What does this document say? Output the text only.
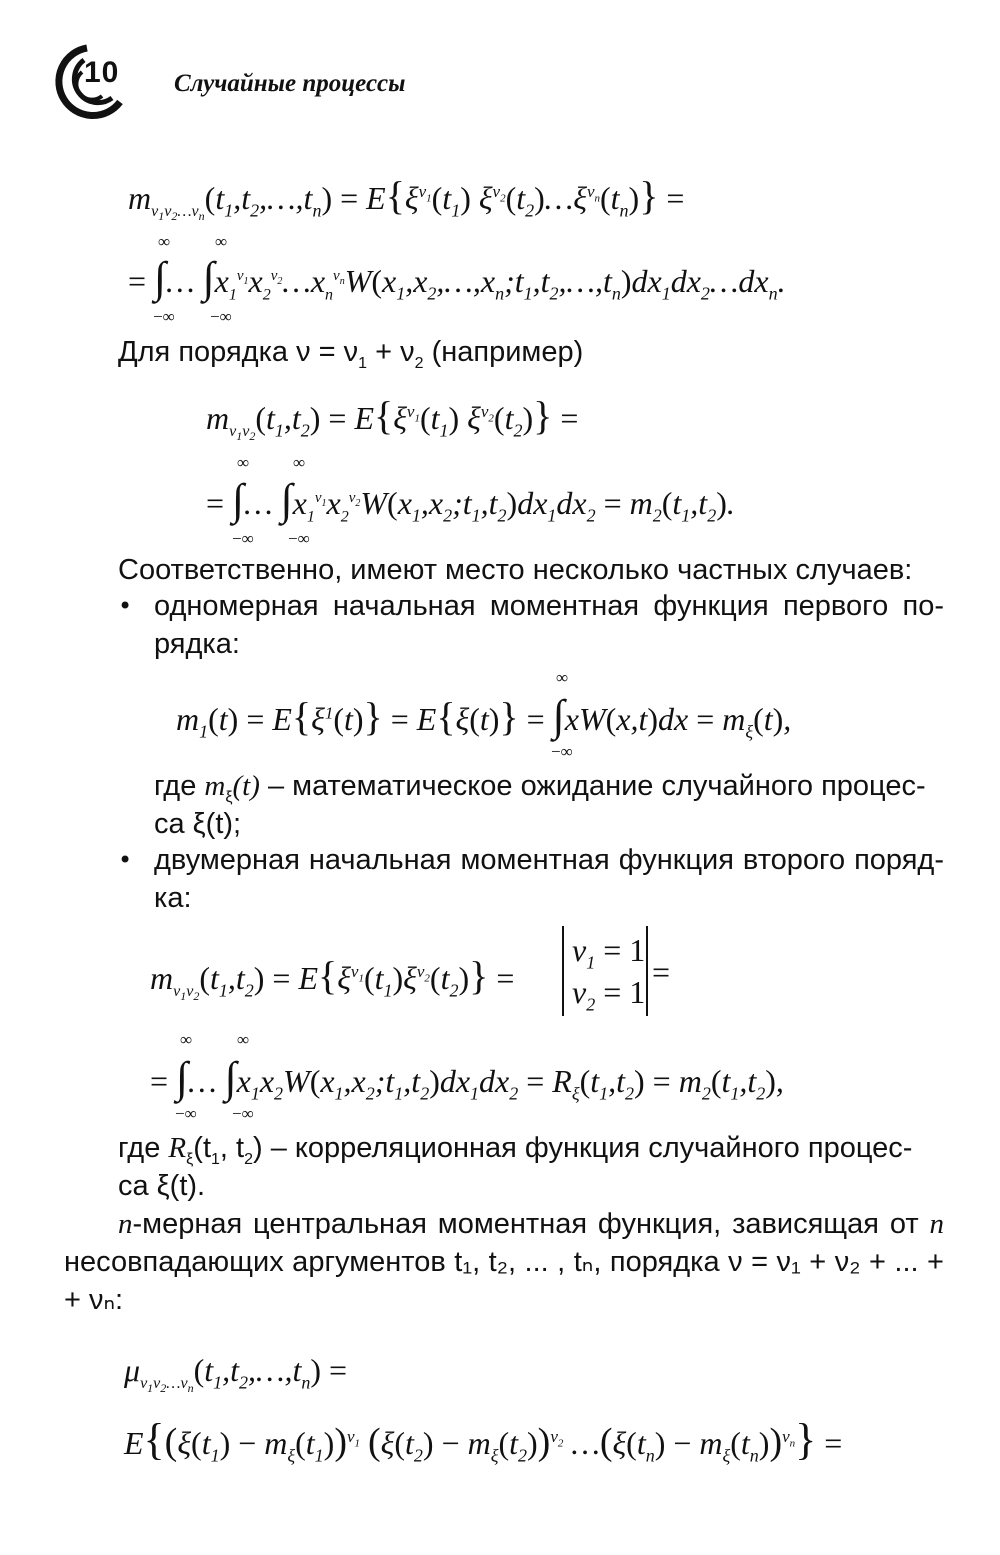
10 Случайные процессы
$m_{\nu_1\nu_2\dots\nu_n}(t_1,t_2,\dots,t_n) = E\{\xi^{\nu_1}(t_1)$ $\xi^{\nu_2}(t_2)\dots\xi^{\nu_n}(t_n)$} =
= ∫… $\int x_1^{\nu_1}x_2^{\nu_2}\dots x_n^{\nu_n}W(x_1,x_2,\dots,x_n;t_1,t_2,\dots,t_n)dx_1dx_2\dots dx_n$.
∞
−∞
∞
−∞
Для порядка $\nu = \nu_1 + \nu_2$ (например)
$m_{\nu_1\nu_2}(t_1,t_2) = E\{\xi^{\nu_1}(t_1) \xi^{\nu_2}(t_2)\}$ =
= ∫… $\int x_1^{\nu_1}x_2^{\nu_2}W(x_1,x_2;t_1,t_2)dx_1dx_2 = m_2(t_1,t_2)$.
∞
−∞
∞
−∞
Соответственно, имеют место несколько частных случаев:
• одномерная начальная моментная функция первого по-
рядка:
$m_1(t) = E\{\xi^1(t)\} = E\{\xi(t)\} = \int xW(x,t)dx = m_\xi(t)$,
∞
−∞
где $m_\xi(t)$ – математическое ожидание случайного процес-
са ξ(t);
• двумерная начальная моментная функция второго поряд-
ка:
$m_{\nu_1\nu_2}(t_1,t_2) = E\{\xi^{\nu_1}(t_1)\xi^{\nu_2}(t_2)\}$ =
$\nu_1 = 1$
$\nu_2 = 1$
=
= ∫… $\int x_1x_2W(x_1,x_2;t_1,t_2)dx_1dx_2 = R_\xi(t_1,t_2) = m_2(t_1,t_2)$,
∞
−∞
∞
−∞
где $R_\xi(t_1$, $t_2$) – корреляционная функция случайного процес-
са ξ(t).
n-мерная центральная моментная функция, зависящая от n
несовпадающих аргументов t₁, t₂, ... , tₙ, порядка ν = ν₁ + ν₂ + ... +
+ νₙ:
$\mu_{\nu_1\nu_2\dots\nu_n}(t_1,t_2,\dots,t_n)$ =
$E\{(\xi(t_1) - m_\xi(t_1))^{\nu_1}$ $(\xi(t_2) - m_\xi(t_2))^{\nu_2}$ $\dots(\xi(t_n) - m_\xi(t_n))^{\nu_n}$} =
